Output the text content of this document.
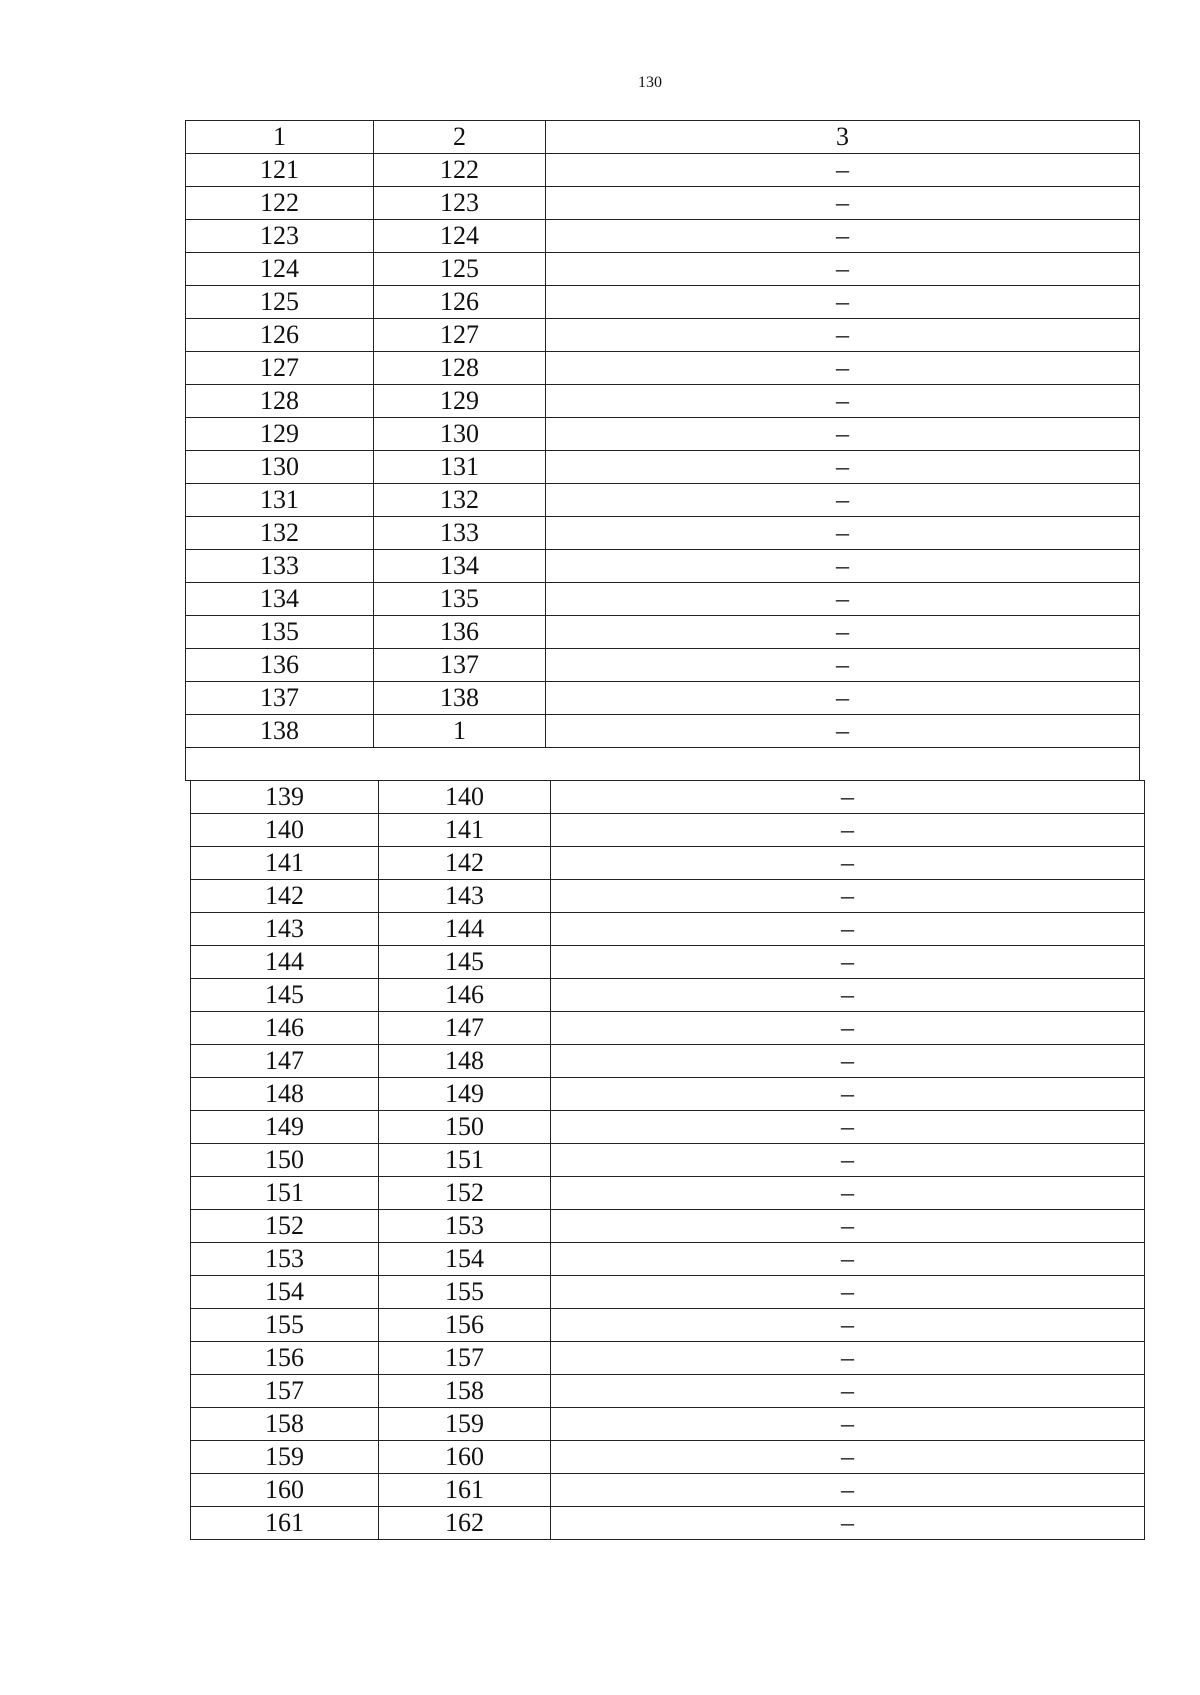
130
1	2	3
121	122	–
122	123	–
123	124	–
124	125	–
125	126	–
126	127	–
127	128	–
128	129	–
129	130	–
130	131	–
131	132	–
132	133	–
133	134	–
134	135	–
135	136	–
136	137	–
137	138	–
138	1	–

139	140	–
140	141	–
141	142	–
142	143	–
143	144	–
144	145	–
145	146	–
146	147	–
147	148	–
148	149	–
149	150	–
150	151	–
151	152	–
152	153	–
153	154	–
154	155	–
155	156	–
156	157	–
157	158	–
158	159	–
159	160	–
160	161	–
161	162	–
